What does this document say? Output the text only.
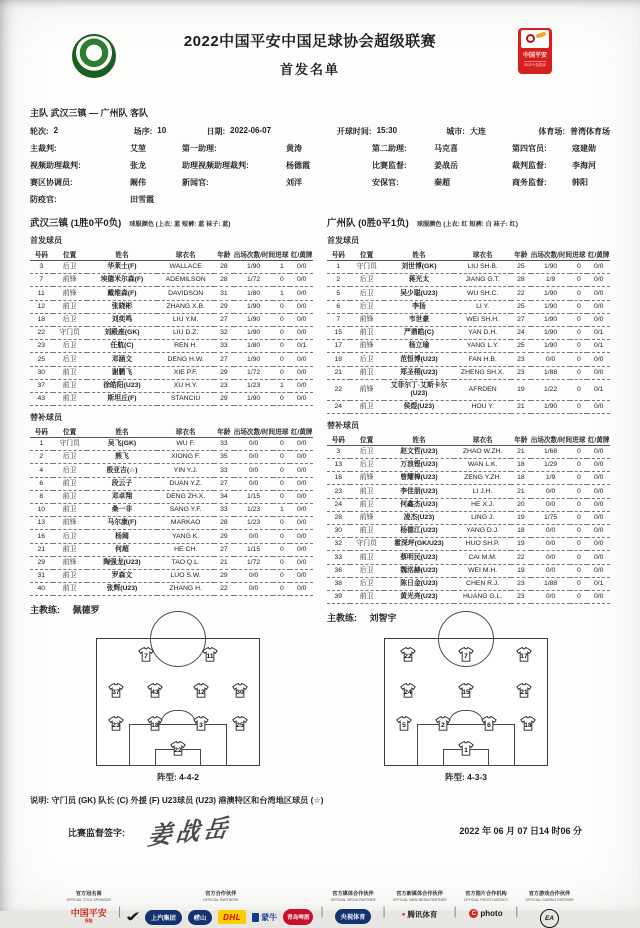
2022中国平安中国足球协会超级联赛
首发名单
中国平安
2022中超联赛
主队 武汉三镇 — 广州队 客队
轮次: 2	场序: 10	日期: 2022-06-07	开球时间: 15:30	城市: 大连	体育场: 普湾体育场
主裁判:	艾堃	第一助理:	黄涛	第二助理:	马克喜	第四官员:	寇建勋
视频助理裁判:	张龙	助理视频助理裁判:	杨德霞	比赛监督:	姜战岳	裁判监督:	李海河
赛区协调员:	阚伟	新闻官:	刘洋	安保官:	秦超	商务监督:	韩阳
防疫官:	田雪霞
武汉三镇 (1胜0平0负) 球服颜色 (上衣: 蓝 短裤: 蓝 袜子: 蓝)
首发球员
号码	位置	姓名	球衣名	年龄	出场次数/时间	进球	红/黄牌
3	后卫	华莱士(F)	WALLACE	28	1/90	1	0/0
7	前锋	埃德米尔森(F)	ADEMILSON	28	1/72	0	0/0
11	前锋	戴维森(F)	DAVIDSON	31	1/80	1	0/0
12	前卫	张晓彬	ZHANG X.B.	29	1/90	0	0/0
18	后卫	刘奕鸣	LIU Y.M.	27	1/90	0	0/0
22	守门员	刘殿座(GK)	LIU D.Z.	32	1/90	0	0/0
23	后卫	任航(C)	REN H.	33	1/80	0	0/1
25	后卫	邓涵文	DENG H.W.	27	1/90	0	0/0
30	前卫	谢鹏飞	XIE P.F.	29	1/72	0	0/0
37	前卫	徐皓阳(U23)	XU H.Y.	23	1/23	1	0/0
43	前卫	斯坦丘(F)	STANCIU	29	1/90	0	0/0
替补球员
号码	位置	姓名	球衣名	年龄	出场次数/时间	进球	红/黄牌
1	守门员	吴飞(GK)	WU F.	33	0/0	0	0/0
2	后卫	熊飞	XIONG F.	35	0/0	0	0/0
4	后卫	殷亚吉(☆)	YIN Y.J.	33	0/0	0	0/0
6	前卫	段云子	DUAN Y.Z.	27	0/0	0	0/0
8	前卫	邓卓翔	DENG ZH.X.	34	1/15	0	0/0
10	前卫	桑一非	SANG Y.F.	33	1/23	1	0/0
13	前锋	马尔康(F)	MARKAO	28	1/23	0	0/0
16	后卫	杨阔	YANG K.	29	0/0	0	0/0
21	前卫	何超	HE CH.	27	1/15	0	0/0
29	前锋	陶强龙(U23)	TAO Q.L.	21	1/72	0	0/0
31	前卫	罗森文	LUO S.W.	29	0/0	0	0/0
40	前卫	张辉(U23)	ZHANG H.	22	0/0	0	0/0
主教练: 佩德罗
广州队 (0胜0平1负) 球服颜色 (上衣: 红 短裤: 白 袜子: 红)
首发球员
号码	位置	姓名	球衣名	年龄	出场次数/时间	进球	红/黄牌
1	守门员	刘世博(GK)	LIU SH.B.	25	1/90	0	0/0
2	后卫	蒋光太	JIANG G.T.	28	1/9	0	0/0
5	后卫	吴少聪(U23)	WU SH.C.	22	1/90	0	0/0
6	后卫	李扬	LI Y.	25	1/90	0	0/0
7	前锋	韦世豪	WEI SH.H.	27	1/90	0	0/0
15	前卫	严鼎皓(C)	YAN D.H.	24	1/90	0	0/1
17	前锋	杨立瑜	YANG L.Y.	25	1/90	0	0/1
18	后卫	范恒博(U23)	FAN H.B.	23	0/0	0	0/0
21	前卫	郑圣栩(U23)	ZHENG SH.X.	23	1/88	0	0/0
22	前锋	艾菲尔丁·艾斯卡尔(U23)	AFRDEN	19	1/22	0	0/1
24	前卫	侯煜(U23)	HOU Y.	21	1/90	0	0/0
替补球员
号码	位置	姓名	球衣名	年龄	出场次数/时间	进球	红/黄牌
3	后卫	赵文哲(U23)	ZHAO W.ZH.	21	1/68	0	0/0
13	后卫	万浪铿(U23)	WAN L.K.	18	1/29	0	0/0
16	前锋	曾耀樟(U23)	ZENG Y.ZH.	18	1/9	0	0/0
23	前卫	李佳朋(U23)	LI J.H.	21	0/0	0	0/0
24	前卫	何鑫杰(U23)	HE X.J.	20	0/0	0	0/0
28	前锋	凌杰(U23)	LING J.	19	1/75	0	0/0
30	前卫	杨德江(U23)	YANG D.J.	18	0/0	0	0/0
32	守门员	霍深坪(GK/U23)	HUO SH.P.	19	0/0	0	0/0
33	前卫	蔡明民(U23)	CAI M.M.	22	0/0	0	0/0
36	后卫	魏洺赫(U23)	WEI M.H.	19	0/0	0	0/0
38	后卫	陈日金(U23)	CHEN R.J.	23	1/88	0	0/1
39	前卫	黄光亮(U23)	HUANG G.L.	23	0/0	0	0/0
主教练: 刘智宇
7	11
37	43	12	30
23	18	3	25
22
阵型: 4-4-2
22	7	17
24	15	21
5	2	6	18
1
阵型: 4-3-3
说明: 守门员 (GK) 队长 (C) 外援 (F) U23球员 (U23) 港澳特区和台湾地区球员 (☆)
比赛监督签字: 姜战岳	2022 年 06 月 07 日14 时06 分
官方冠名商
OFFICIAL TITLE SPONSOR
中国平安
保险
|
官方合作伙伴
OFFICIAL PARTNERS
✔	上汽集团	崂山	DHL	蒙牛	青岛啤酒 |
官方媒体合作伙伴
OFFICIAL MEDIA PARTNER
央视体育	|
官方新媒体合作伙伴
OFFICIAL NEW MEDIA PARTNER
● 腾讯体育 |
官方图片合作机构
OFFICIAL PHOTO AGENCY
C photo |
官方游戏合作伙伴
OFFICIAL GAMING PARTNER
EA
